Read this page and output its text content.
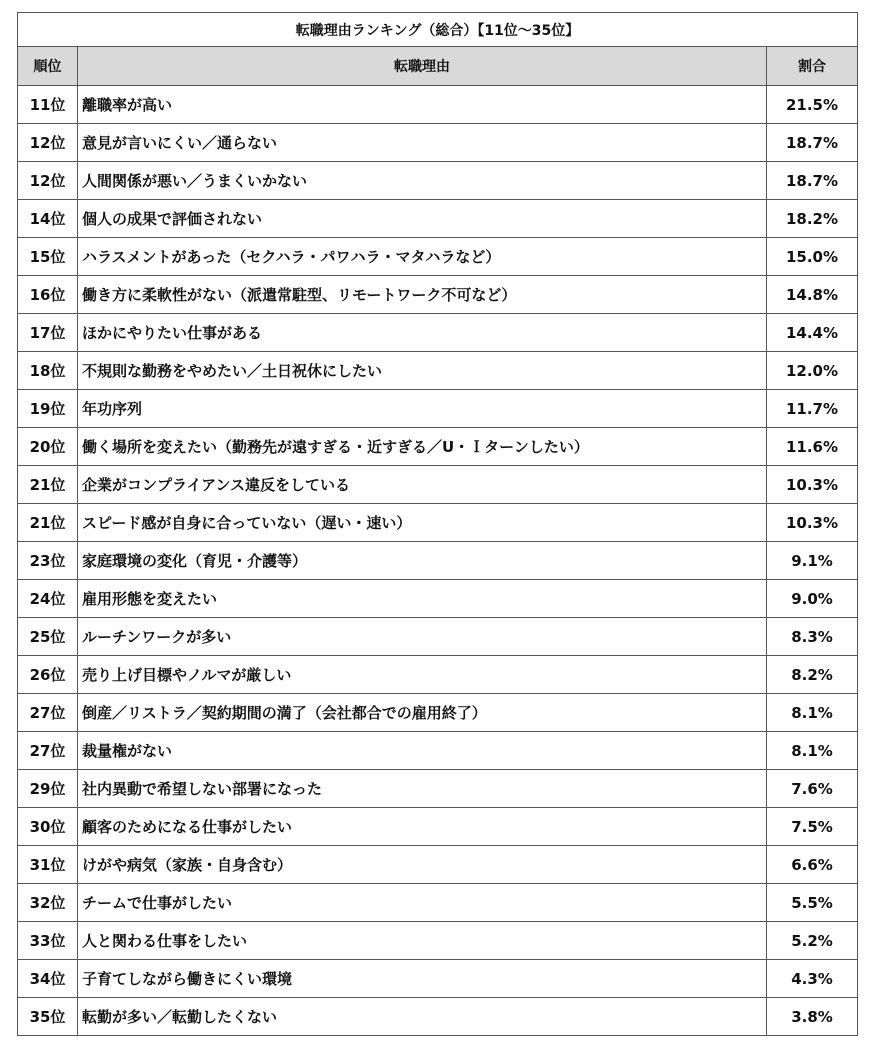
転職理由ランキング（総合）【11位～35位】		
順位	転職理由	割合
11位	離職率が高い	21.5%
12位	意見が言いにくい／通らない	18.7%
12位	人間関係が悪い／うまくいかない	18.7%
14位	個人の成果で評価されない	18.2%
15位	ハラスメントがあった（セクハラ・パワハラ・マタハラなど）	15.0%
16位	働き方に柔軟性がない（派遣常駐型、リモートワーク不可など）	14.8%
17位	ほかにやりたい仕事がある	14.4%
18位	不規則な勤務をやめたい／土日祝休にしたい	12.0%
19位	年功序列	11.7%
20位	働く場所を変えたい（勤務先が遠すぎる・近すぎる／U・Ｉターンしたい）	11.6%
21位	企業がコンプライアンス違反をしている	10.3%
21位	スピード感が自身に合っていない（遅い・速い）	10.3%
23位	家庭環境の変化（育児・介護等）	9.1%
24位	雇用形態を変えたい	9.0%
25位	ルーチンワークが多い	8.3%
26位	売り上げ目標やノルマが厳しい	8.2%
27位	倒産／リストラ／契約期間の満了（会社都合での雇用終了）	8.1%
27位	裁量権がない	8.1%
29位	社内異動で希望しない部署になった	7.6%
30位	顧客のためになる仕事がしたい	7.5%
31位	けがや病気（家族・自身含む）	6.6%
32位	チームで仕事がしたい	5.5%
33位	人と関わる仕事をしたい	5.2%
34位	子育てしながら働きにくい環境	4.3%
35位	転勤が多い／転勤したくない	3.8%
